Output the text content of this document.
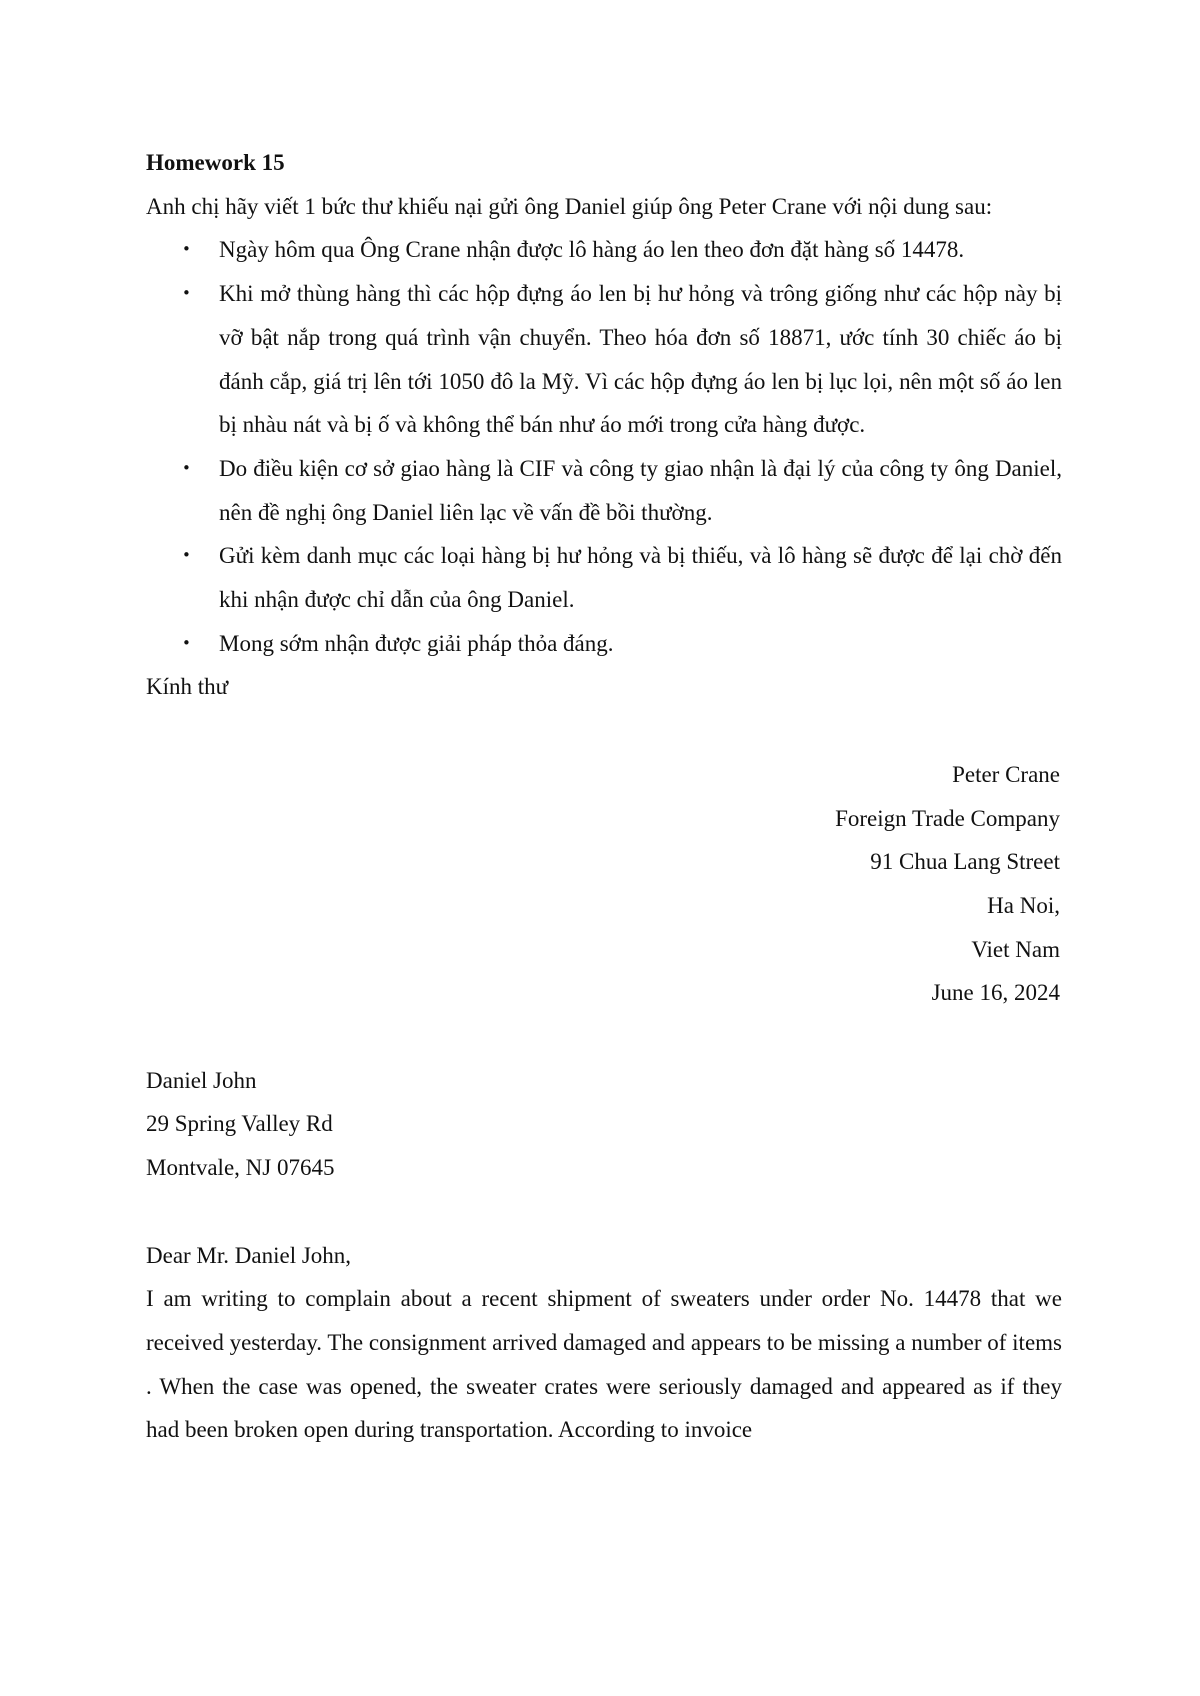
Homework 15

Anh chị hãy viết 1 bức thư khiếu nại gửi ông Daniel giúp ông Peter Crane với nội dung sau:

• Ngày hôm qua Ông Crane nhận được lô hàng áo len theo đơn đặt hàng số 14478.
• Khi mở thùng hàng thì các hộp đựng áo len bị hư hỏng và trông giống như các hộp này bị vỡ bật nắp trong quá trình vận chuyển. Theo hóa đơn số 18871, ước tính 30 chiếc áo bị đánh cắp, giá trị lên tới 1050 đô la Mỹ. Vì các hộp đựng áo len bị lục lọi, nên một số áo len bị nhàu nát và bị ố và không thể bán như áo mới trong cửa hàng được.
• Do điều kiện cơ sở giao hàng là CIF và công ty giao nhận là đại lý của công ty ông Daniel, nên đề nghị ông Daniel liên lạc về vấn đề bồi thường.
• Gửi kèm danh mục các loại hàng bị hư hỏng và bị thiếu, và lô hàng sẽ được để lại chờ đến khi nhận được chỉ dẫn của ông Daniel.
• Mong sớm nhận được giải pháp thỏa đáng.

Kính thư

Peter Crane
Foreign Trade Company
91 Chua Lang Street
Ha Noi,
Viet Nam
June 16, 2024
Daniel John
29 Spring Valley Rd
Montvale, NJ 07645
Dear Mr. Daniel John,

I am writing to complain about a recent shipment of sweaters under order No. 14478 that we received yesterday. The consignment arrived damaged and appears to be missing a number of items . When the case was opened, the sweater crates were seriously damaged and appeared as if they had been broken open during transportation. According to invoice
